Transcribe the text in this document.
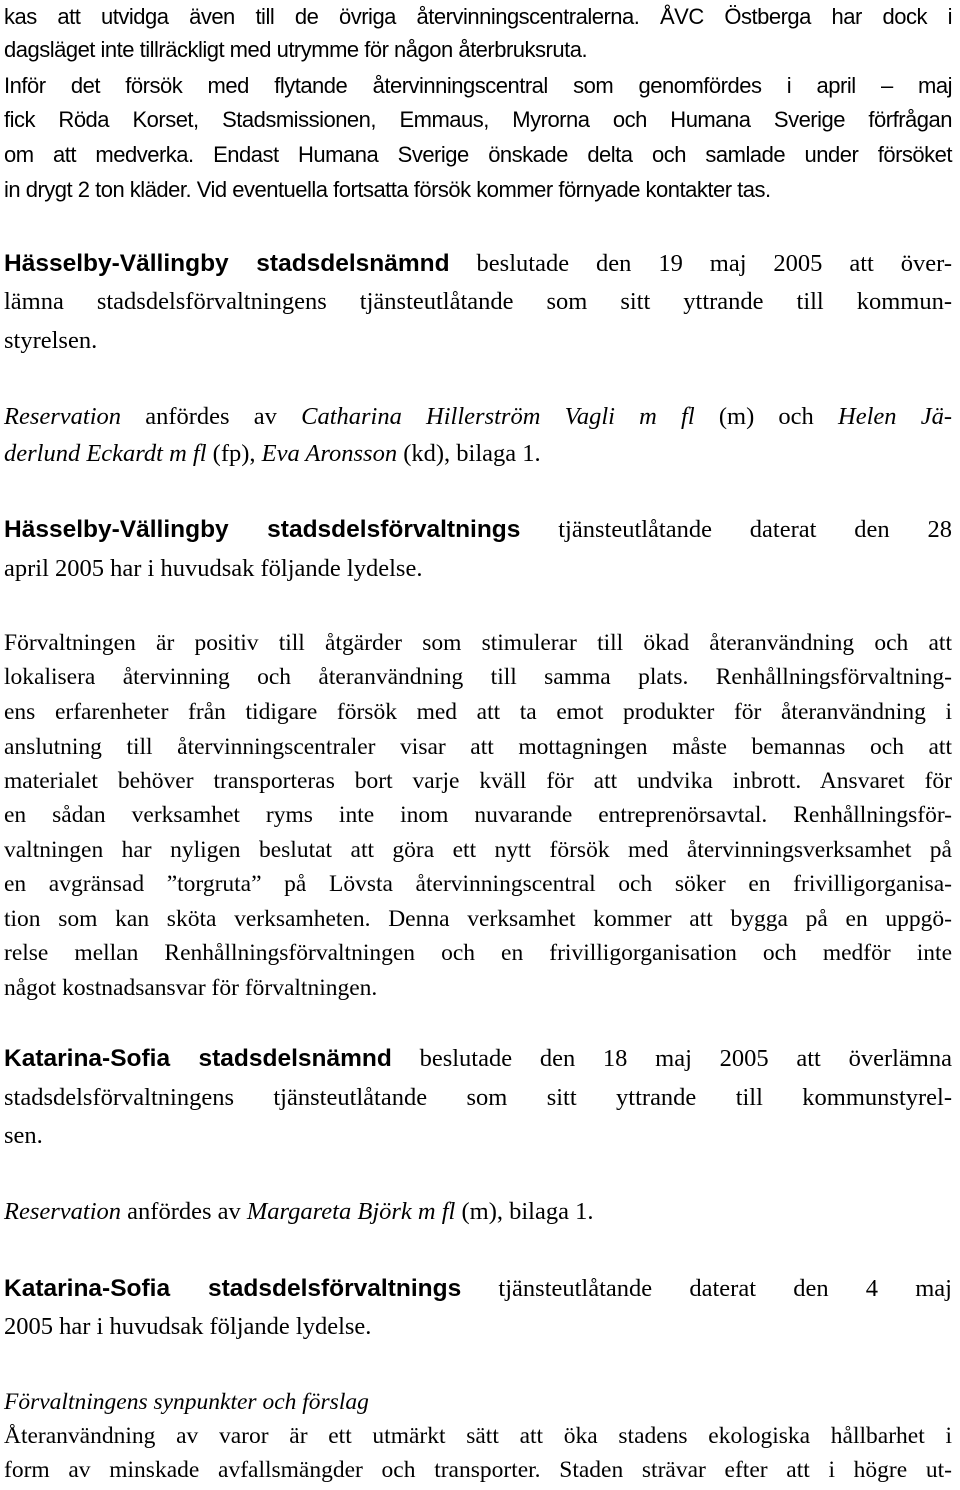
kas att utvidga även till de övriga återvinningscentralerna. ÅVC Östberga har dock i
dagsläget inte tillräckligt med utrymme för någon återbruksruta.
Inför det försök med flytande återvinningscentral som genomfördes i april – maj
fick Röda Korset, Stadsmissionen, Emmaus, Myrorna och Humana Sverige förfrågan
om att medverka. Endast Humana Sverige önskade delta och samlade under försöket
in drygt 2 ton kläder. Vid eventuella fortsatta försök kommer förnyade kontakter tas.
Hässelby-Vällingby stadsdelsnämnd beslutade den 19 maj 2005 att över-
lämna stadsdelsförvaltningens tjänsteutlåtande som sitt yttrande till kommun-
styrelsen.
Reservation anfördes av Catharina Hillerström Vagli m fl (m) och Helen Jä-
derlund Eckardt m fl (fp), Eva Aronsson (kd), bilaga 1.
Hässelby-Vällingby stadsdelsförvaltnings tjänsteutlåtande daterat den 28
april 2005 har i huvudsak följande lydelse.
Förvaltningen är positiv till åtgärder som stimulerar till ökad återanvändning och att
lokalisera återvinning och återanvändning till samma plats. Renhållningsförvaltning-
ens erfarenheter från tidigare försök med att ta emot produkter för återanvändning i
anslutning till återvinningscentraler visar att mottagningen måste bemannas och att
materialet behöver transporteras bort varje kväll för att undvika inbrott. Ansvaret för
en sådan verksamhet ryms inte inom nuvarande entreprenörsavtal. Renhållningsför-
valtningen har nyligen beslutat att göra ett nytt försök med återvinningsverksamhet på
en avgränsad ”torgruta” på Lövsta återvinningscentral och söker en frivilligorganisa-
tion som kan sköta verksamheten. Denna verksamhet kommer att bygga på en uppgö-
relse mellan Renhållningsförvaltningen och en frivilligorganisation och medför inte
något kostnadsansvar för förvaltningen.
Katarina-Sofia stadsdelsnämnd beslutade den 18 maj 2005 att överlämna
stadsdelsförvaltningens tjänsteutlåtande som sitt yttrande till kommunstyrel-
sen.
Reservation anfördes av Margareta Björk m fl (m), bilaga 1.
Katarina-Sofia stadsdelsförvaltnings tjänsteutlåtande daterat den 4 maj
2005 har i huvudsak följande lydelse.
Förvaltningens synpunkter och förslag
Återanvändning av varor är ett utmärkt sätt att öka stadens ekologiska hållbarhet i
form av minskade avfallsmängder och transporter. Staden strävar efter att i högre ut-
